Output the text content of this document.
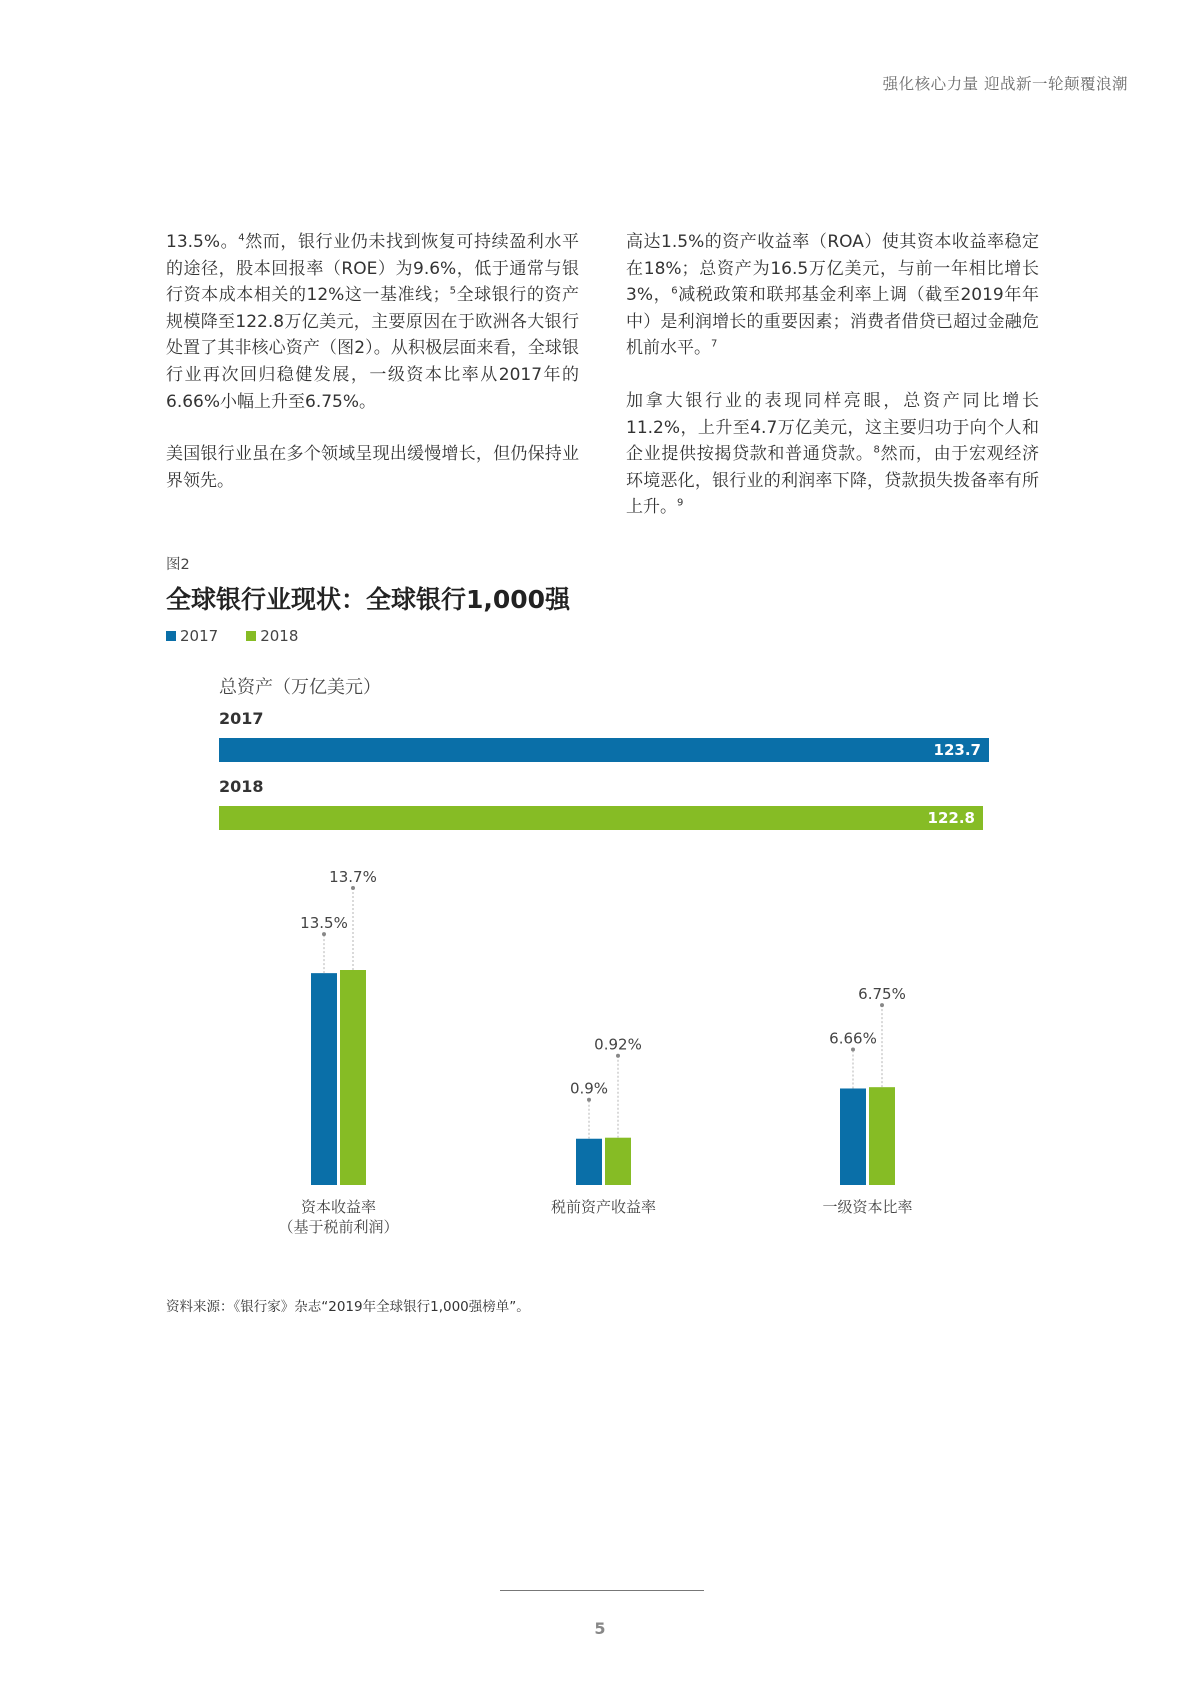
强化核心力量 迎战新一轮颠覆浪潮

13.5%。$^4$然而，银行业仍未找到恢复可持续盈利水平的途径，股本回报率（ROE）为9.6%，低于通常与银行资本成本相关的12%这一基准线；$^5$全球银行的资产规模降至122.8万亿美元，主要原因在于欧洲各大银行处置了其非核心资产（图2）。从积极层面来看，全球银行业再次回归稳健发展，一级资本比率从2017年的6.66%小幅上升至6.75%。

美国银行业虽在多个领域呈现出缓慢增长，但仍保持业界领先。

高达1.5%的资产收益率（ROA）使其资本收益率稳定在18%；总资产为16.5万亿美元，与前一年相比增长3%，$^6$减税政策和联邦基金利率上调（截至2019年年中）是利润增长的重要因素；消费者借贷已超过金融危机前水平。$^7$

加拿大银行业的表现同样亮眼，总资产同比增长11.2%，上升至4.7万亿美元，这主要归功于向个人和企业提供按揭贷款和普通贷款。$^8$然而，由于宏观经济环境恶化，银行业的利润率下降，贷款损失拨备率有所上升。$^9$

图2
全球银行业现状：全球银行1,000强
2017	2018
总资产（万亿美元）
2017
123.7
2018
122.8
13.5%
13.7%
资本收益率
（基于税前利润）
0.9%
0.92%
税前资产收益率
6.66%
6.75%
一级资本比率
资料来源：《银行家》杂志“2019年全球银行1,000强榜单”。
5
